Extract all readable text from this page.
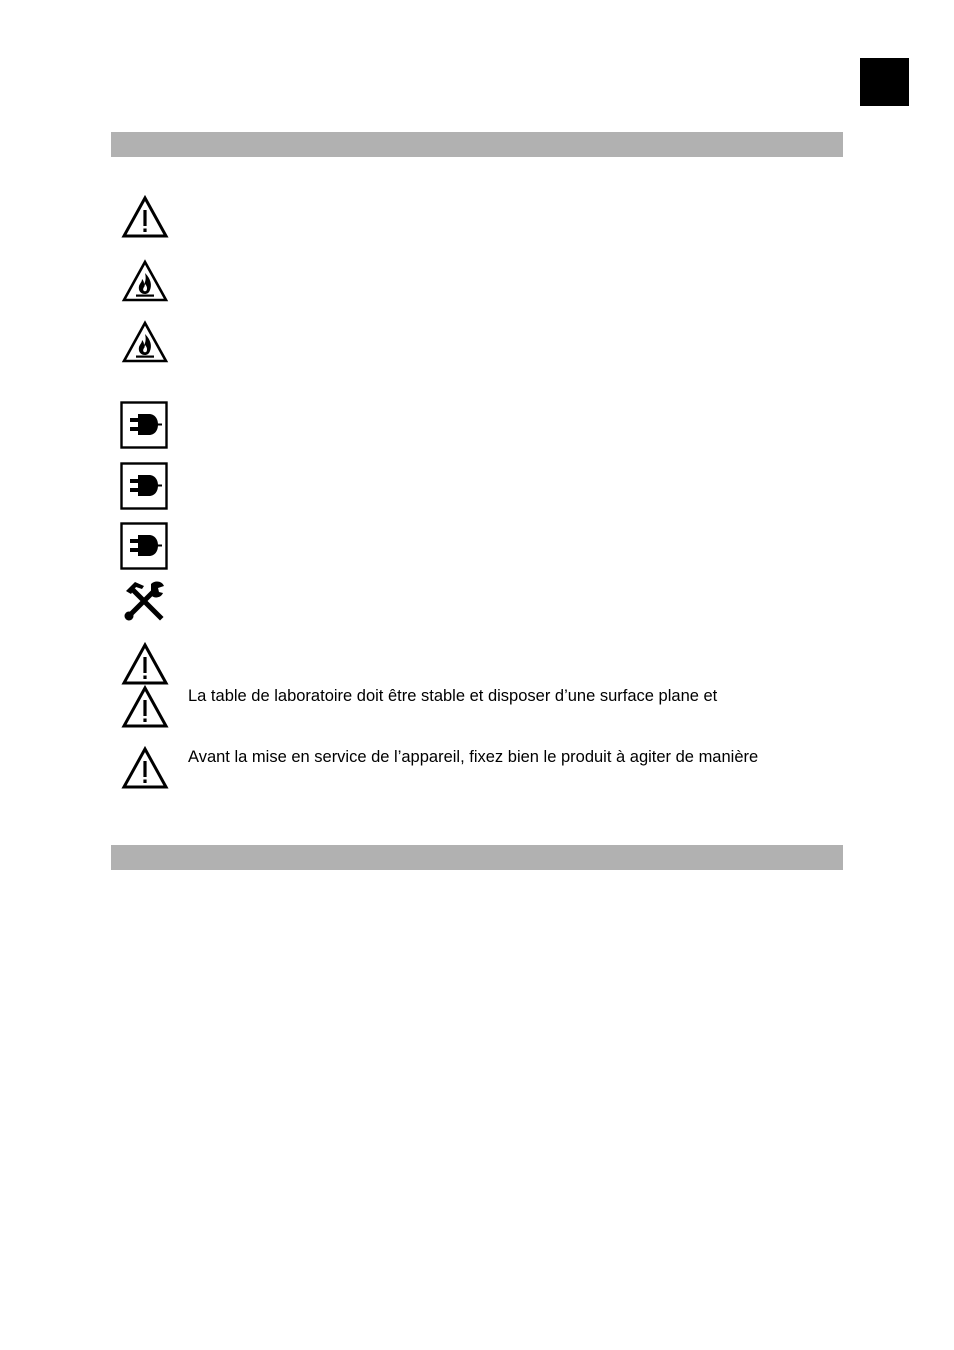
La table de laboratoire doit être stable et disposer d’une surface plane et
Avant la mise en service de l’appareil, fixez bien le produit à agiter de manière
